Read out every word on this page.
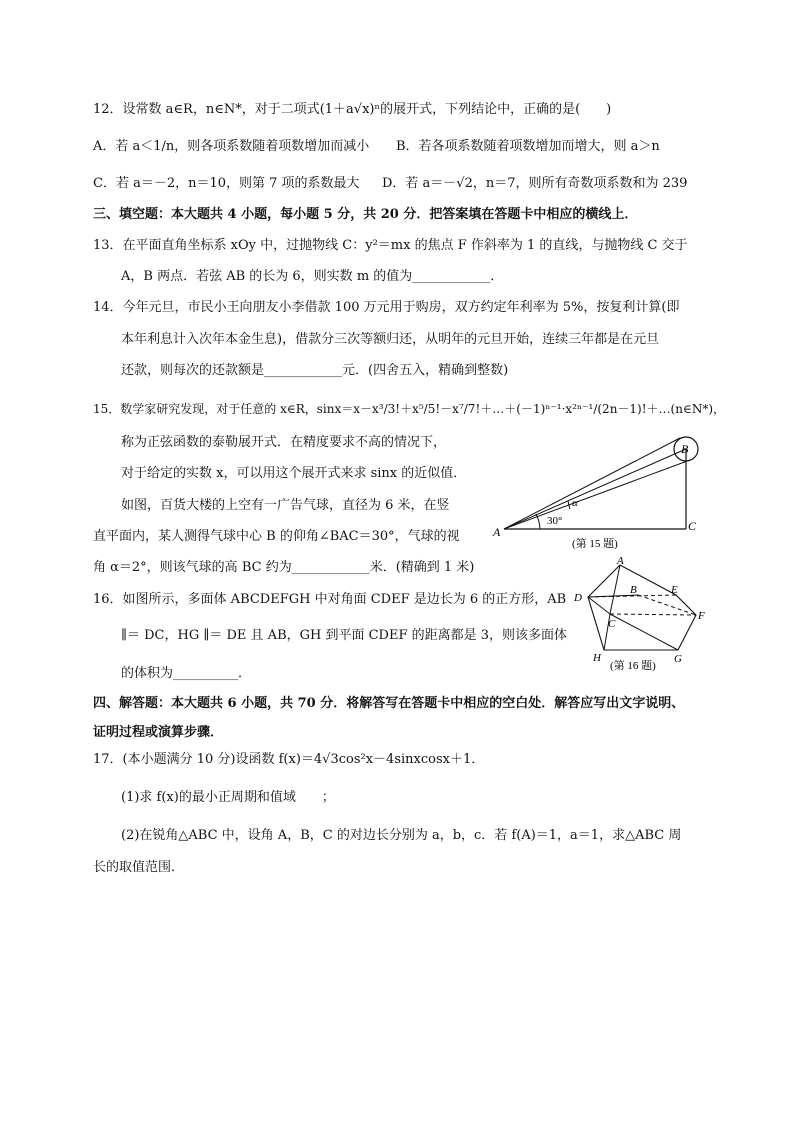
12．设常数 a∈R，n∈N*，对于二项式(1＋a√x)ⁿ的展开式，下列结论中，正确的是(　　)
A．若 a＜1/n，则各项系数随着项数增加而减小 B．若各项系数随着项数增加而增大，则 a＞n
C．若 a＝－2，n＝10，则第 7 项的系数最大 D．若 a＝－√2，n＝7，则所有奇数项系数和为 239
三、填空题：本大题共 4 小题，每小题 5 分，共 20 分．把答案填在答题卡中相应的横线上．
13．在平面直角坐标系 xOy 中，过抛物线 C：y²＝mx 的焦点 F 作斜率为 1 的直线，与抛物线 C 交于
A，B 两点．若弦 AB 的长为 6，则实数 m 的值为____________．
14．今年元旦，市民小王向朋友小李借款 100 万元用于购房，双方约定年利率为 5%，按复利计算(即
本年利息计入次年本金生息)，借款分三次等额归还，从明年的元旦开始，连续三年都是在元旦
还款，则每次的还款额是____________元．(四舍五入，精确到整数)
15．数学家研究发现，对于任意的 x∈R，sinx＝x－x³/3!＋x⁵/5!－x⁷/7!＋…＋(－1)ⁿ⁻¹·x²ⁿ⁻¹/(2n－1)!＋…(n∈N*)，
称为正弦函数的泰勒展开式．在精度要求不高的情况下，
对于给定的实数 x，可以用这个展开式来求 sinx 的近似值．
如图，百货大楼的上空有一广告气球，直径为 6 米，在竖
直平面内，某人测得气球中心 B 的仰角∠BAC＝30°，气球的视
角 α＝2°，则该气球的高 BC 约为____________米．(精确到 1 米)
30°
α
A
B
C
(第 15 题)
16．如图所示，多面体 ABCDEFGH 中对角面 CDEF 是边长为 6 的正方形，AB
∥＝ DC，HG ∥＝ DE 且 AB，GH 到平面 CDEF 的距离都是 3，则该多面体
的体积为__________．
A
B
C
D
E
F
G
H
(第 16 题)
四、解答题：本大题共 6 小题，共 70 分．将解答写在答题卡中相应的空白处．解答应写出文字说明、
证明过程或演算步骤．
17．(本小题满分 10 分)设函数 f(x)＝4√3cos²x－4sinxcosx＋1．
(1)求 f(x)的最小正周期和值域　　；
(2)在锐角△ABC 中，设角 A，B，C 的对边长分别为 a，b，c．若 f(A)＝1，a＝1，求△ABC 周
长的取值范围．
